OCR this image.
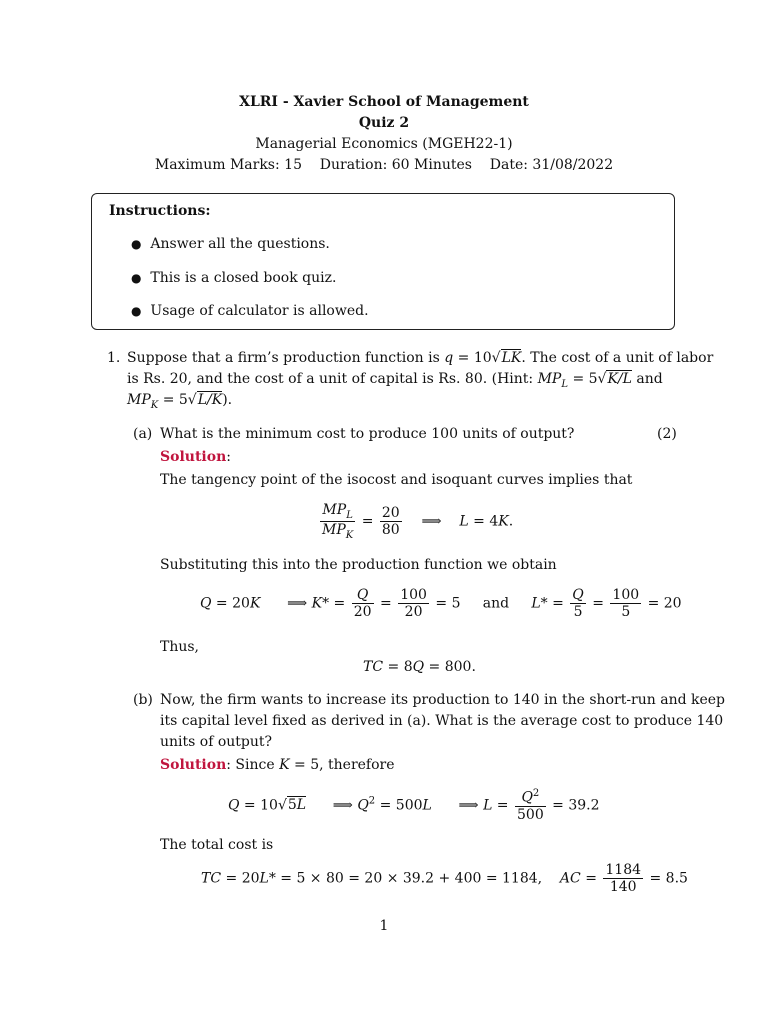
XLRI - Xavier School of Management
Quiz 2
Managerial Economics (MGEH22-1)
Maximum Marks: 15    Duration: 60 Minutes    Date: 31/08/2022
Instructions:
● Answer all the questions.
● This is a closed book quiz.
● Usage of calculator is allowed.
1. Suppose that a firm’s production function is q = 10√LK. The cost of a unit of labor
is Rs. 20, and the cost of a unit of capital is Rs. 80. (Hint: $MP_L = 5√K/L$ and
$MP_K = 5√L/K$).
(a) What is the minimum cost to produce 100 units of output?	(2)
Solution:
The tangency point of the isocost and isoquant curves implies that
$\frac{MP_L}{MP_K} = \frac{20}{80}$ ⟹    L = 4K.
Substituting this into the production function we obtain
Q = 20K      ⟹ $K* = \frac{Q}{20} = \frac{100}{20} = 5$     and $L* = \frac{Q}{5} = \frac{100}{5} = 20$
Thus,
TC = 8Q = 800.
(b) Now, the firm wants to increase its production to 140 in the short-run and keep
its capital level fixed as derived in (a). What is the average cost to produce 140
units of output?
Solution: Since K = 5, therefore
Q = 10√5L      ⟹ $Q^2 = 500L$      ⟹ $L = \frac{Q^2}{500} = 39.2$
The total cost is
TC = 20L* = 5 × 80 = 20 × 39.2 + 400 = 1184,    AC = $\frac{1184}{140} = 8.5$
1
